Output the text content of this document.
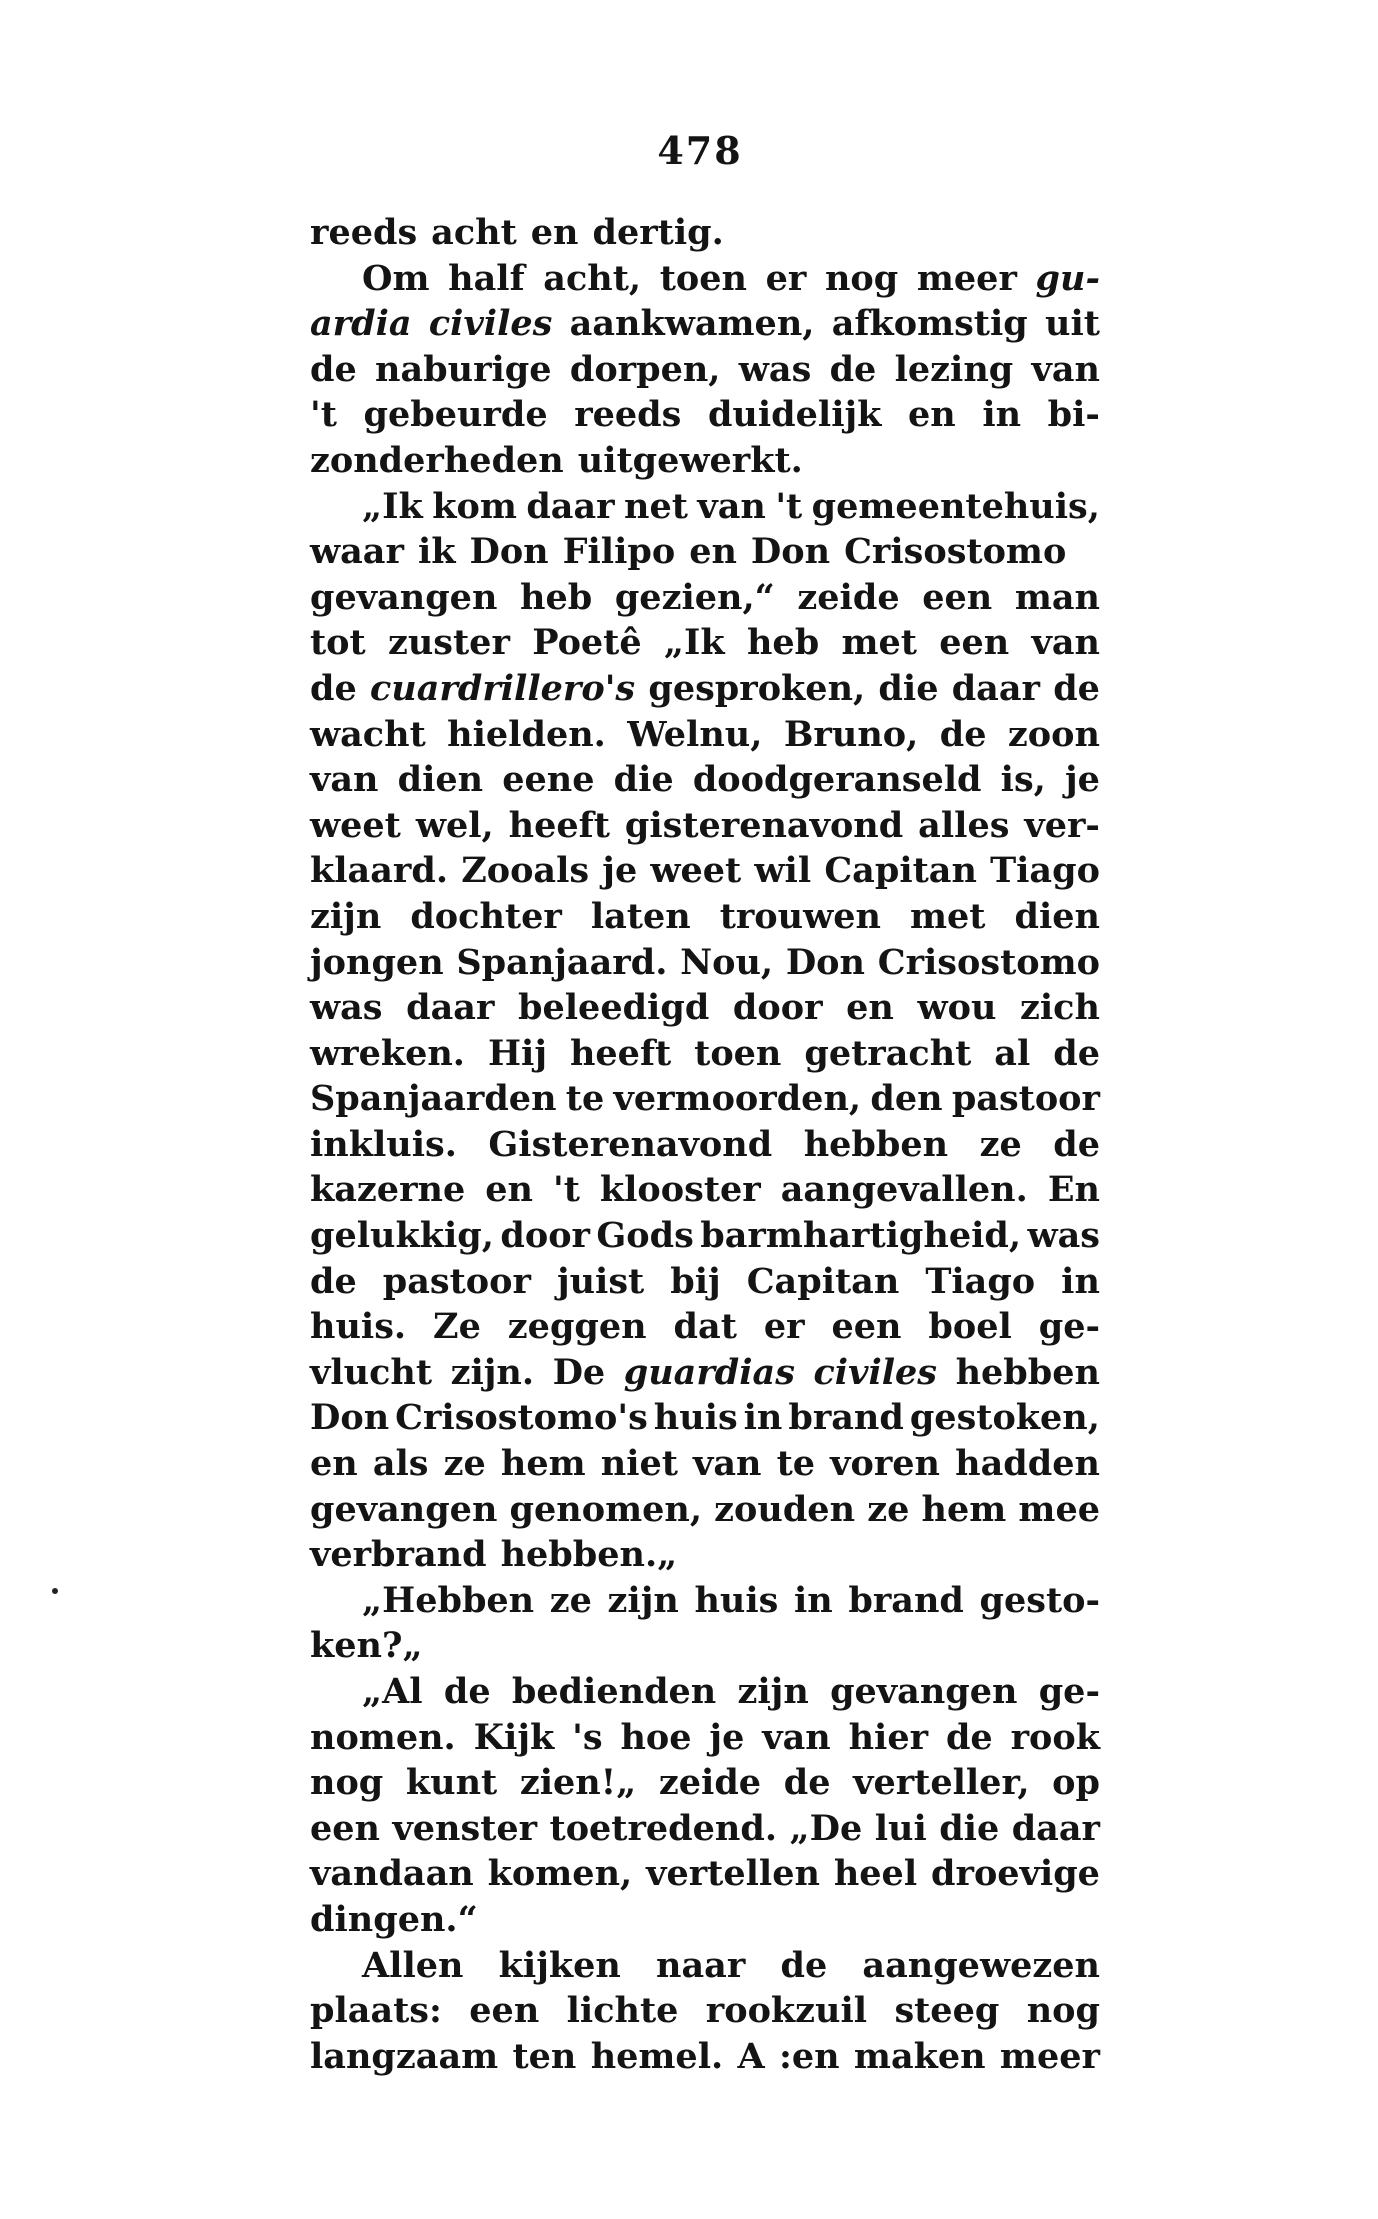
478
reeds acht en dertig.
Om half acht, toen er nog meer gu-
ardia civiles aankwamen, afkomstig uit
de naburige dorpen, was de lezing van
't gebeurde reeds duidelijk en in bi-
zonderheden uitgewerkt.
„Ik kom daar net van 't gemeentehuis,
waar ik Don Filipo en Don Crisostomo
gevangen heb gezien,“ zeide een man
tot zuster Poetê „Ik heb met een van
de cuardrillero's gesproken, die daar de
wacht hielden. Welnu, Bruno, de zoon
van dien eene die doodgeranseld is, je
weet wel, heeft gisterenavond alles ver-
klaard. Zooals je weet wil Capitan Tiago
zijn dochter laten trouwen met dien
jongen Spanjaard. Nou, Don Crisostomo
was daar beleedigd door en wou zich
wreken. Hij heeft toen getracht al de
Spanjaarden te vermoorden, den pastoor
inkluis. Gisterenavond hebben ze de
kazerne en 't klooster aangevallen. En
gelukkig, door Gods barmhartigheid, was
de pastoor juist bij Capitan Tiago in
huis. Ze zeggen dat er een boel ge-
vlucht zijn. De guardias civiles hebben
Don Crisostomo's huis in brand gestoken,
en als ze hem niet van te voren hadden
gevangen genomen, zouden ze hem mee
verbrand hebben.„
„Hebben ze zijn huis in brand gesto-
ken?„
„Al de bedienden zijn gevangen ge-
nomen. Kijk 's hoe je van hier de rook
nog kunt zien!„ zeide de verteller, op
een venster toetredend. „De lui die daar
vandaan komen, vertellen heel droevige
dingen.“
Allen kijken naar de aangewezen
plaats: een lichte rookzuil steeg nog
langzaam ten hemel. A :en maken meer
